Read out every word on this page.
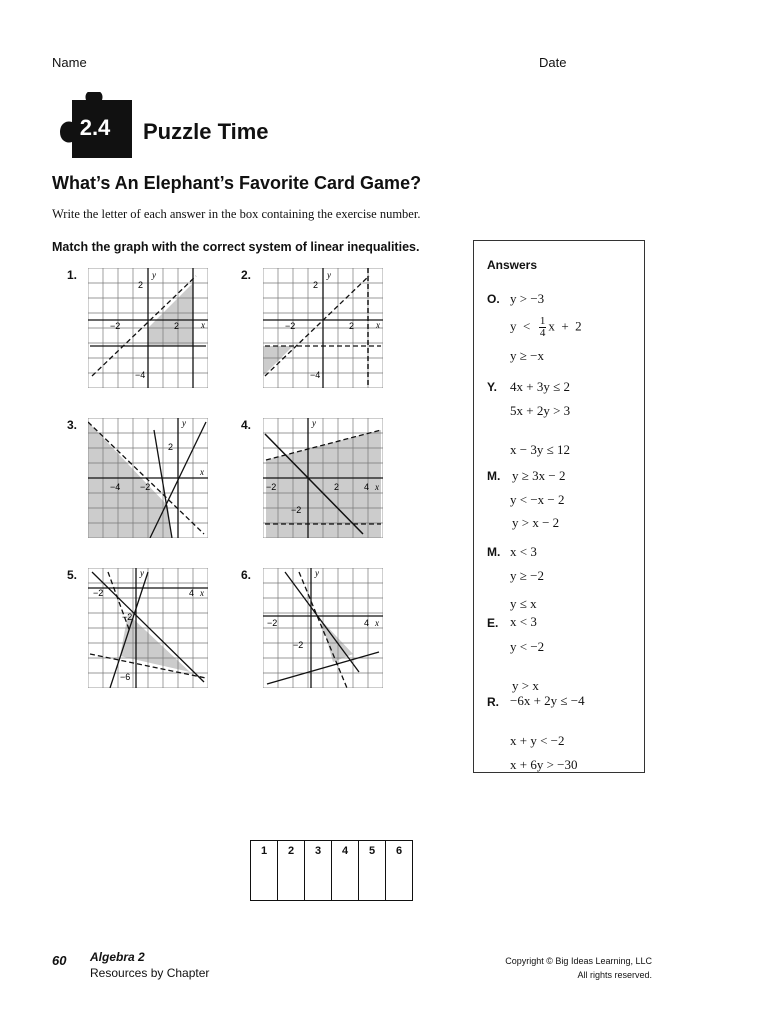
Name	Date
2.4	Puzzle Time
What’s An Elephant’s Favorite Card Game?
Write the letter of each answer in the box containing the exercise number.
Match the graph with the correct system of linear inequalities.
1.	2.
3.	4.
5.	6.
y
x
−2	2
2
−4
y
x
−2	2
2
−4
y
x
−4 −2
2
y
x
−2	2	4
−2
y
x
−2	4
−2
−6
y
x
−2	4
−2
Answers
O. y > −3
$y < \frac{1}{4}$ x  +  2
y ≥ −x
Y. 4x + 3y ≤ 2
5x + 2y > 3
x − 3y ≤ 12
M. y ≥ 3x − 2
y < −x − 2
y > x − 2
M. x < 3
y ≥ −2
y ≤ x
E. x < 3
y < −2
y > x
R. −6x + 2y ≤ −4
x + y < −2
x + 6y > −30
1	2	3	4	5	6
60 Algebra 2
Resources by Chapter
Copyright © Big Ideas Learning, LLC
All rights reserved.
